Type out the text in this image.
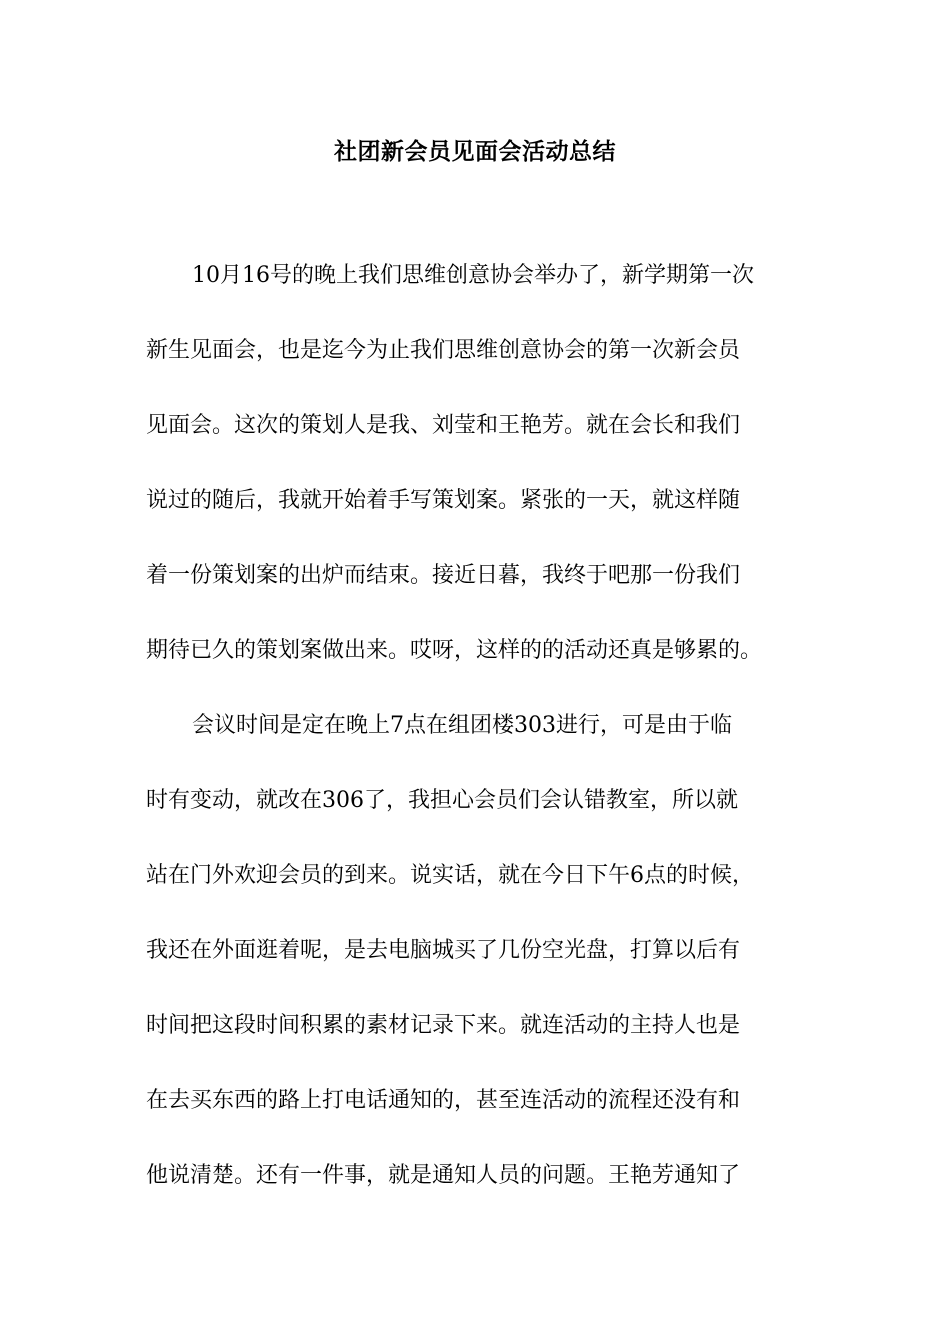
社团新会员见面会活动总结
10月16号的晚上我们思维创意协会举办了，新学期第一次
新生见面会，也是迄今为止我们思维创意协会的第一次新会员
见面会。这次的策划人是我、刘莹和王艳芳。就在会长和我们
说过的随后，我就开始着手写策划案。紧张的一天，就这样随
着一份策划案的出炉而结束。接近日暮，我终于吧那一份我们
期待已久的策划案做出来。哎呀，这样的的活动还真是够累的。
会议时间是定在晚上7点在组团楼303进行，可是由于临
时有变动，就改在306了，我担心会员们会认错教室，所以就
站在门外欢迎会员的到来。说实话，就在今日下午6点的时候，
我还在外面逛着呢，是去电脑城买了几份空光盘，打算以后有
时间把这段时间积累的素材记录下来。就连活动的主持人也是
在去买东西的路上打电话通知的，甚至连活动的流程还没有和
他说清楚。还有一件事，就是通知人员的问题。王艳芳通知了
